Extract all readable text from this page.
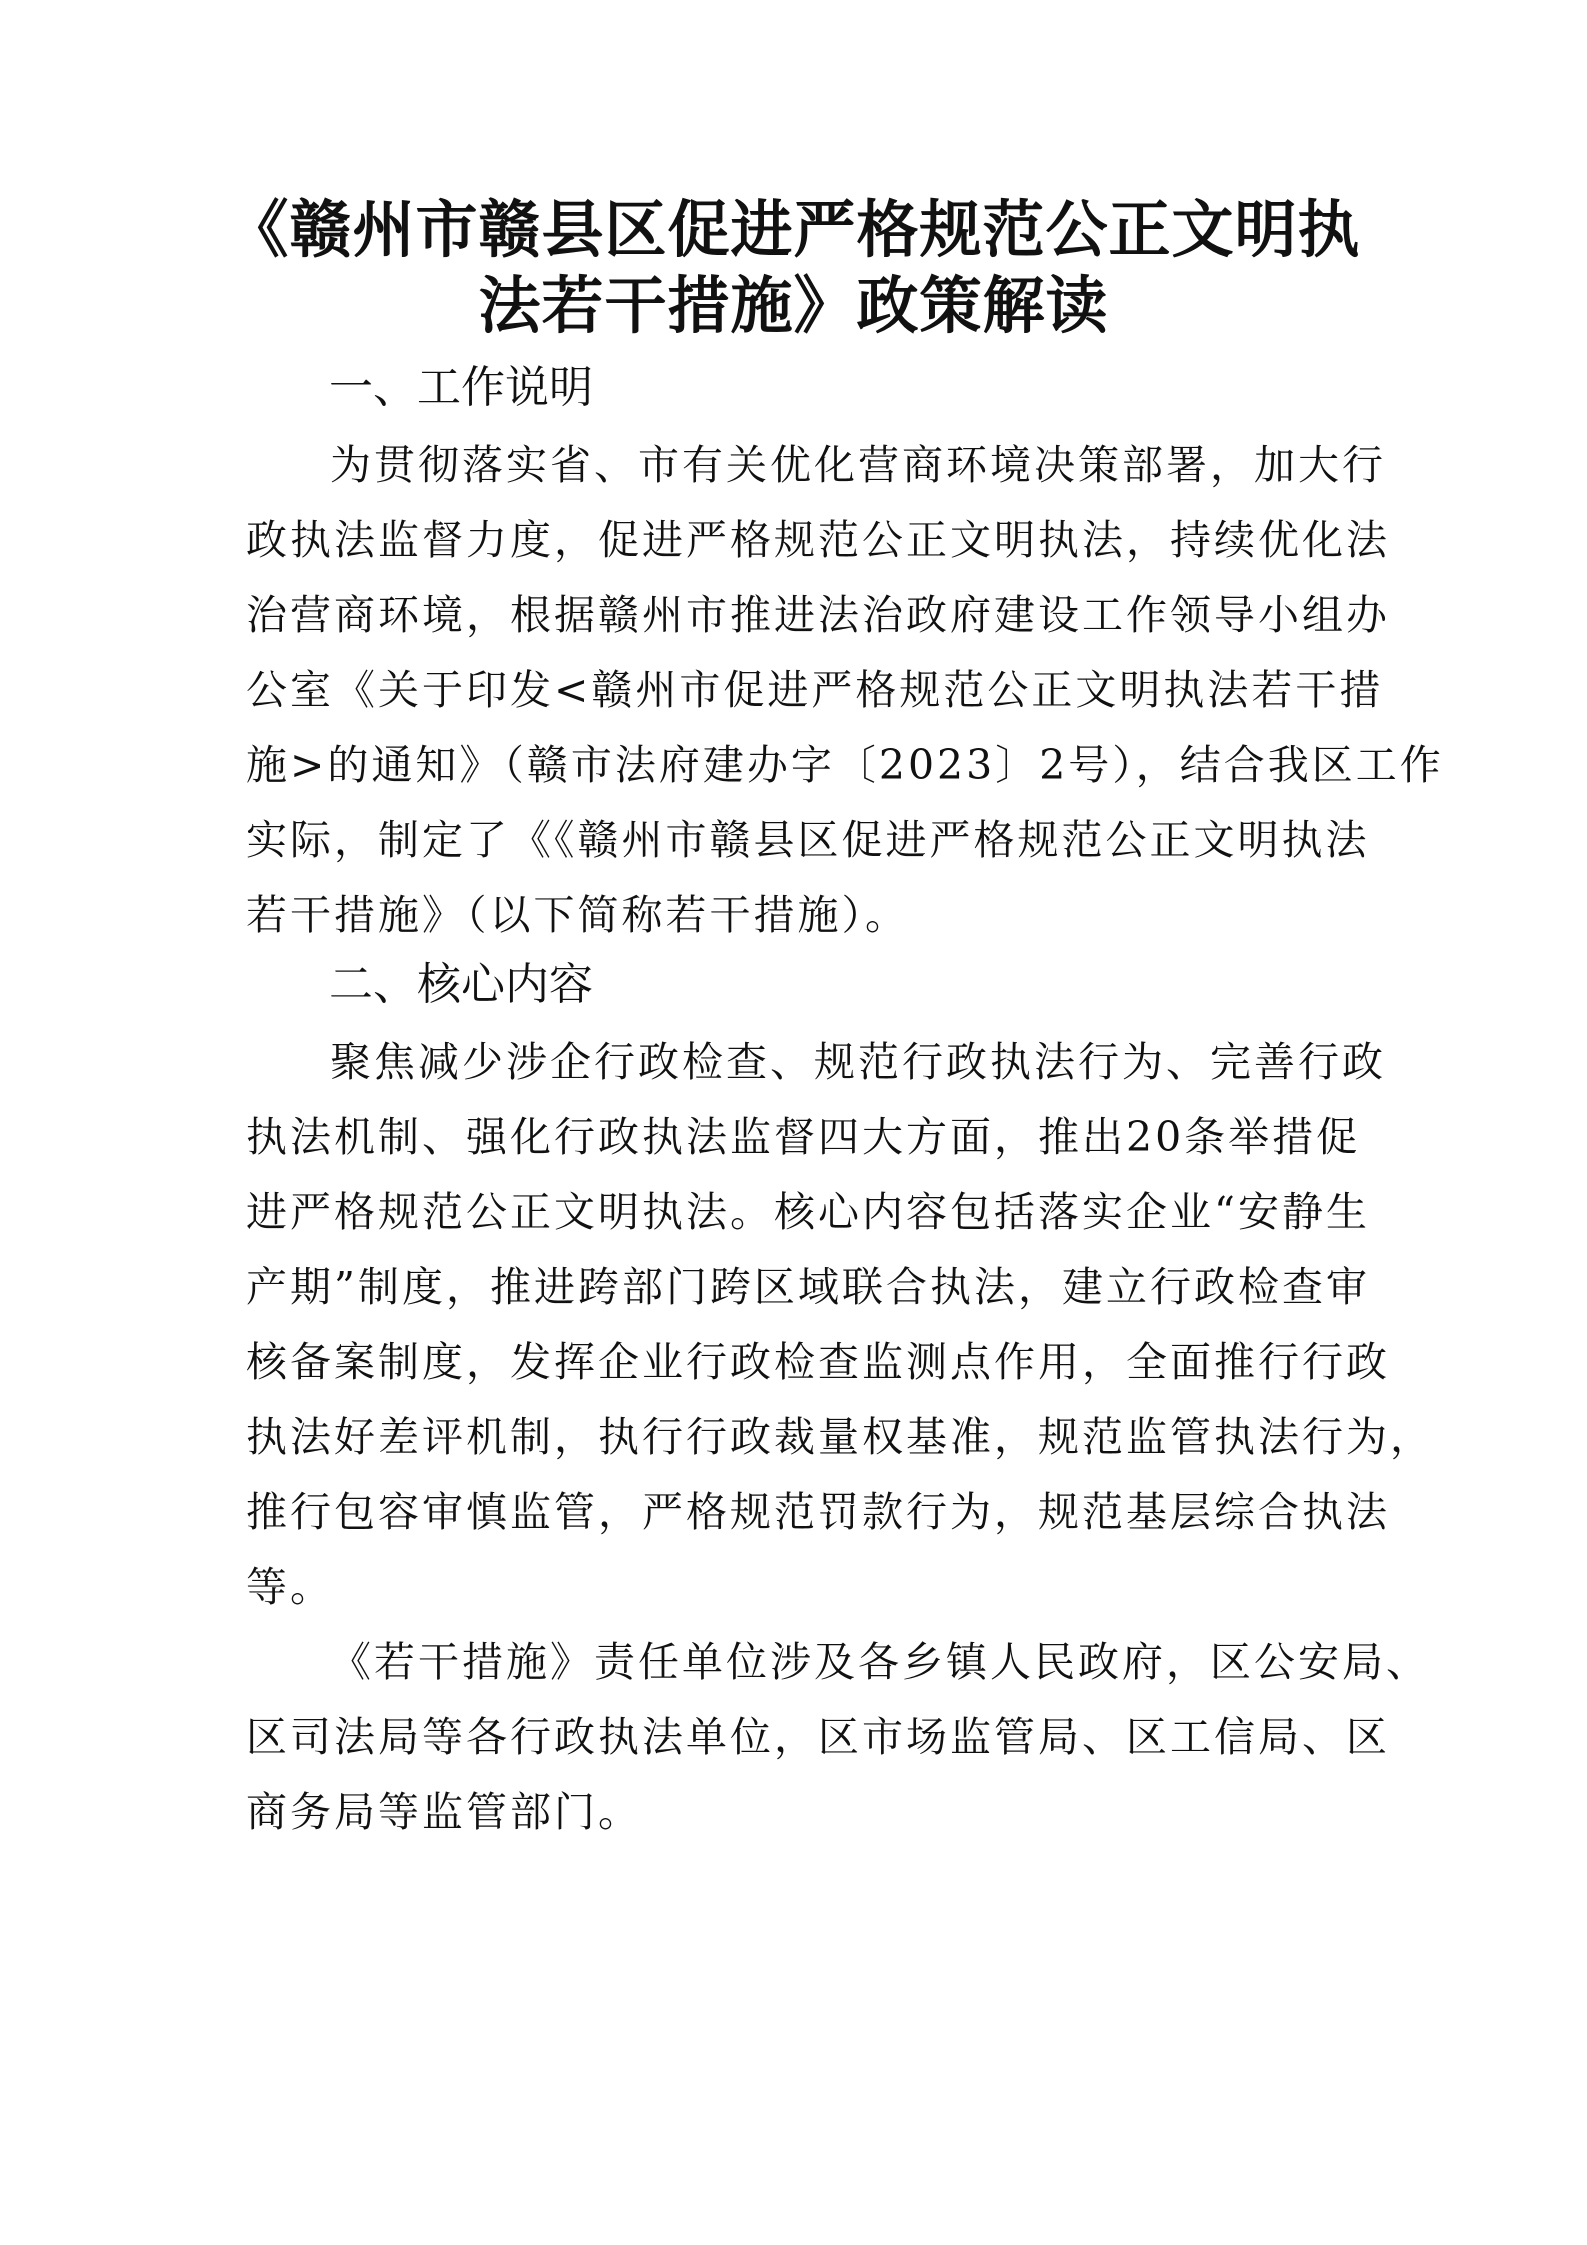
《赣州市赣县区促进严格规范公正文明执
法若干措施》政策解读
一、工作说明
为贯彻落实省、市有关优化营商环境决策部署，加大行
政执法监督力度，促进严格规范公正文明执法，持续优化法
治营商环境，根据赣州市推进法治政府建设工作领导小组办
公室《关于印发<赣州市促进严格规范公正文明执法若干措
施>的通知》（赣市法府建办字〔2023〕2号），结合我区工作
实际，制定了《《赣州市赣县区促进严格规范公正文明执法
若干措施》（以下简称若干措施）。
二、核心内容
聚焦减少涉企行政检查、规范行政执法行为、完善行政
执法机制、强化行政执法监督四大方面，推出20条举措促
进严格规范公正文明执法。核心内容包括落实企业“安静生
产期”制度，推进跨部门跨区域联合执法，建立行政检查审
核备案制度，发挥企业行政检查监测点作用，全面推行行政
执法好差评机制，执行行政裁量权基准，规范监管执法行为，
推行包容审慎监管，严格规范罚款行为，规范基层综合执法
等。
《若干措施》责任单位涉及各乡镇人民政府，区公安局、
区司法局等各行政执法单位，区市场监管局、区工信局、区
商务局等监管部门。
